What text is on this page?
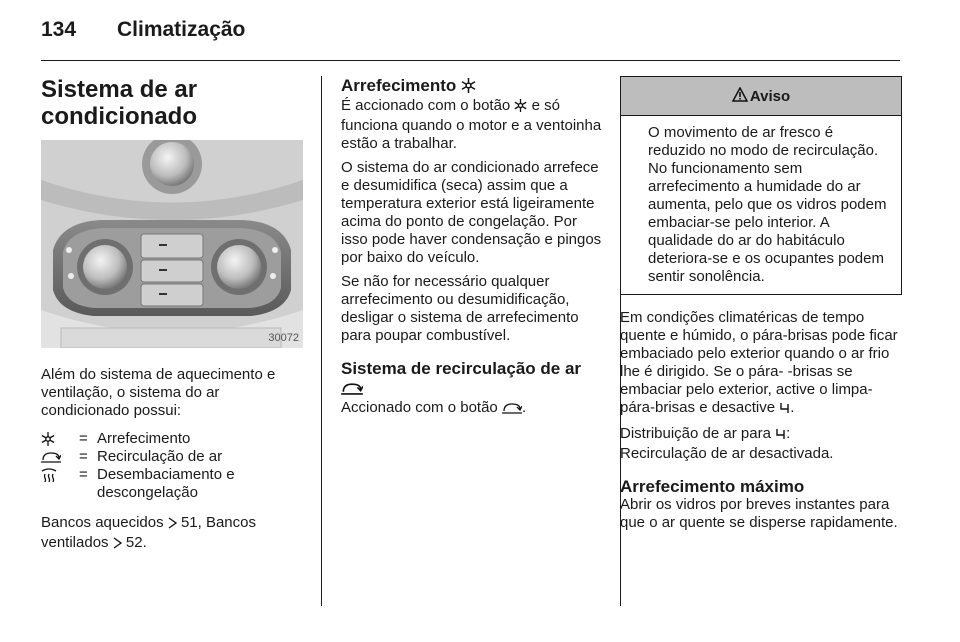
134 Climatização
Sistema de ar condicionado
30072

Além do sistema de aquecimento e ventilação, o sistema do ar condicionado possui:

= Arrefecimento
= Recirculação de ar
= Desembaciamento e descongelação

Bancos aquecidos 51, Bancos ventilados 52.

Arrefecimento

É accionado com o botão e só funciona quando o motor e a ventoinha estão a trabalhar.

O sistema do ar condicionado arrefece e desumidifica (seca) assim que a temperatura exterior está ligeiramente acima do ponto de congelação. Por isso pode haver condensação e pingos por baixo do veículo.

Se não for necessário qualquer arrefecimento ou desumidificação, desligar o sistema de arrefecimento para poupar combustível.

Sistema de recirculação de ar

Accionado com o botão .

Aviso
O movimento de ar fresco é reduzido no modo de recirculação. No funcionamento sem arrefecimento a humidade do ar aumenta, pelo que os vidros podem embaciar-se pelo interior. A qualidade do ar do habitáculo deteriora-se e os ocupantes podem sentir sonolência.

Em condições climatéricas de tempo quente e húmido, o pára-brisas pode ficar embaciado pelo exterior quando o ar frio lhe é dirigido. Se o pára- -brisas se embaciar pelo exterior, active o limpa-pára-brisas e desactive .

Distribuição de ar para :
Recirculação de ar desactivada.

Arrefecimento máximo

Abrir os vidros por breves instantes para que o ar quente se disperse rapidamente.
